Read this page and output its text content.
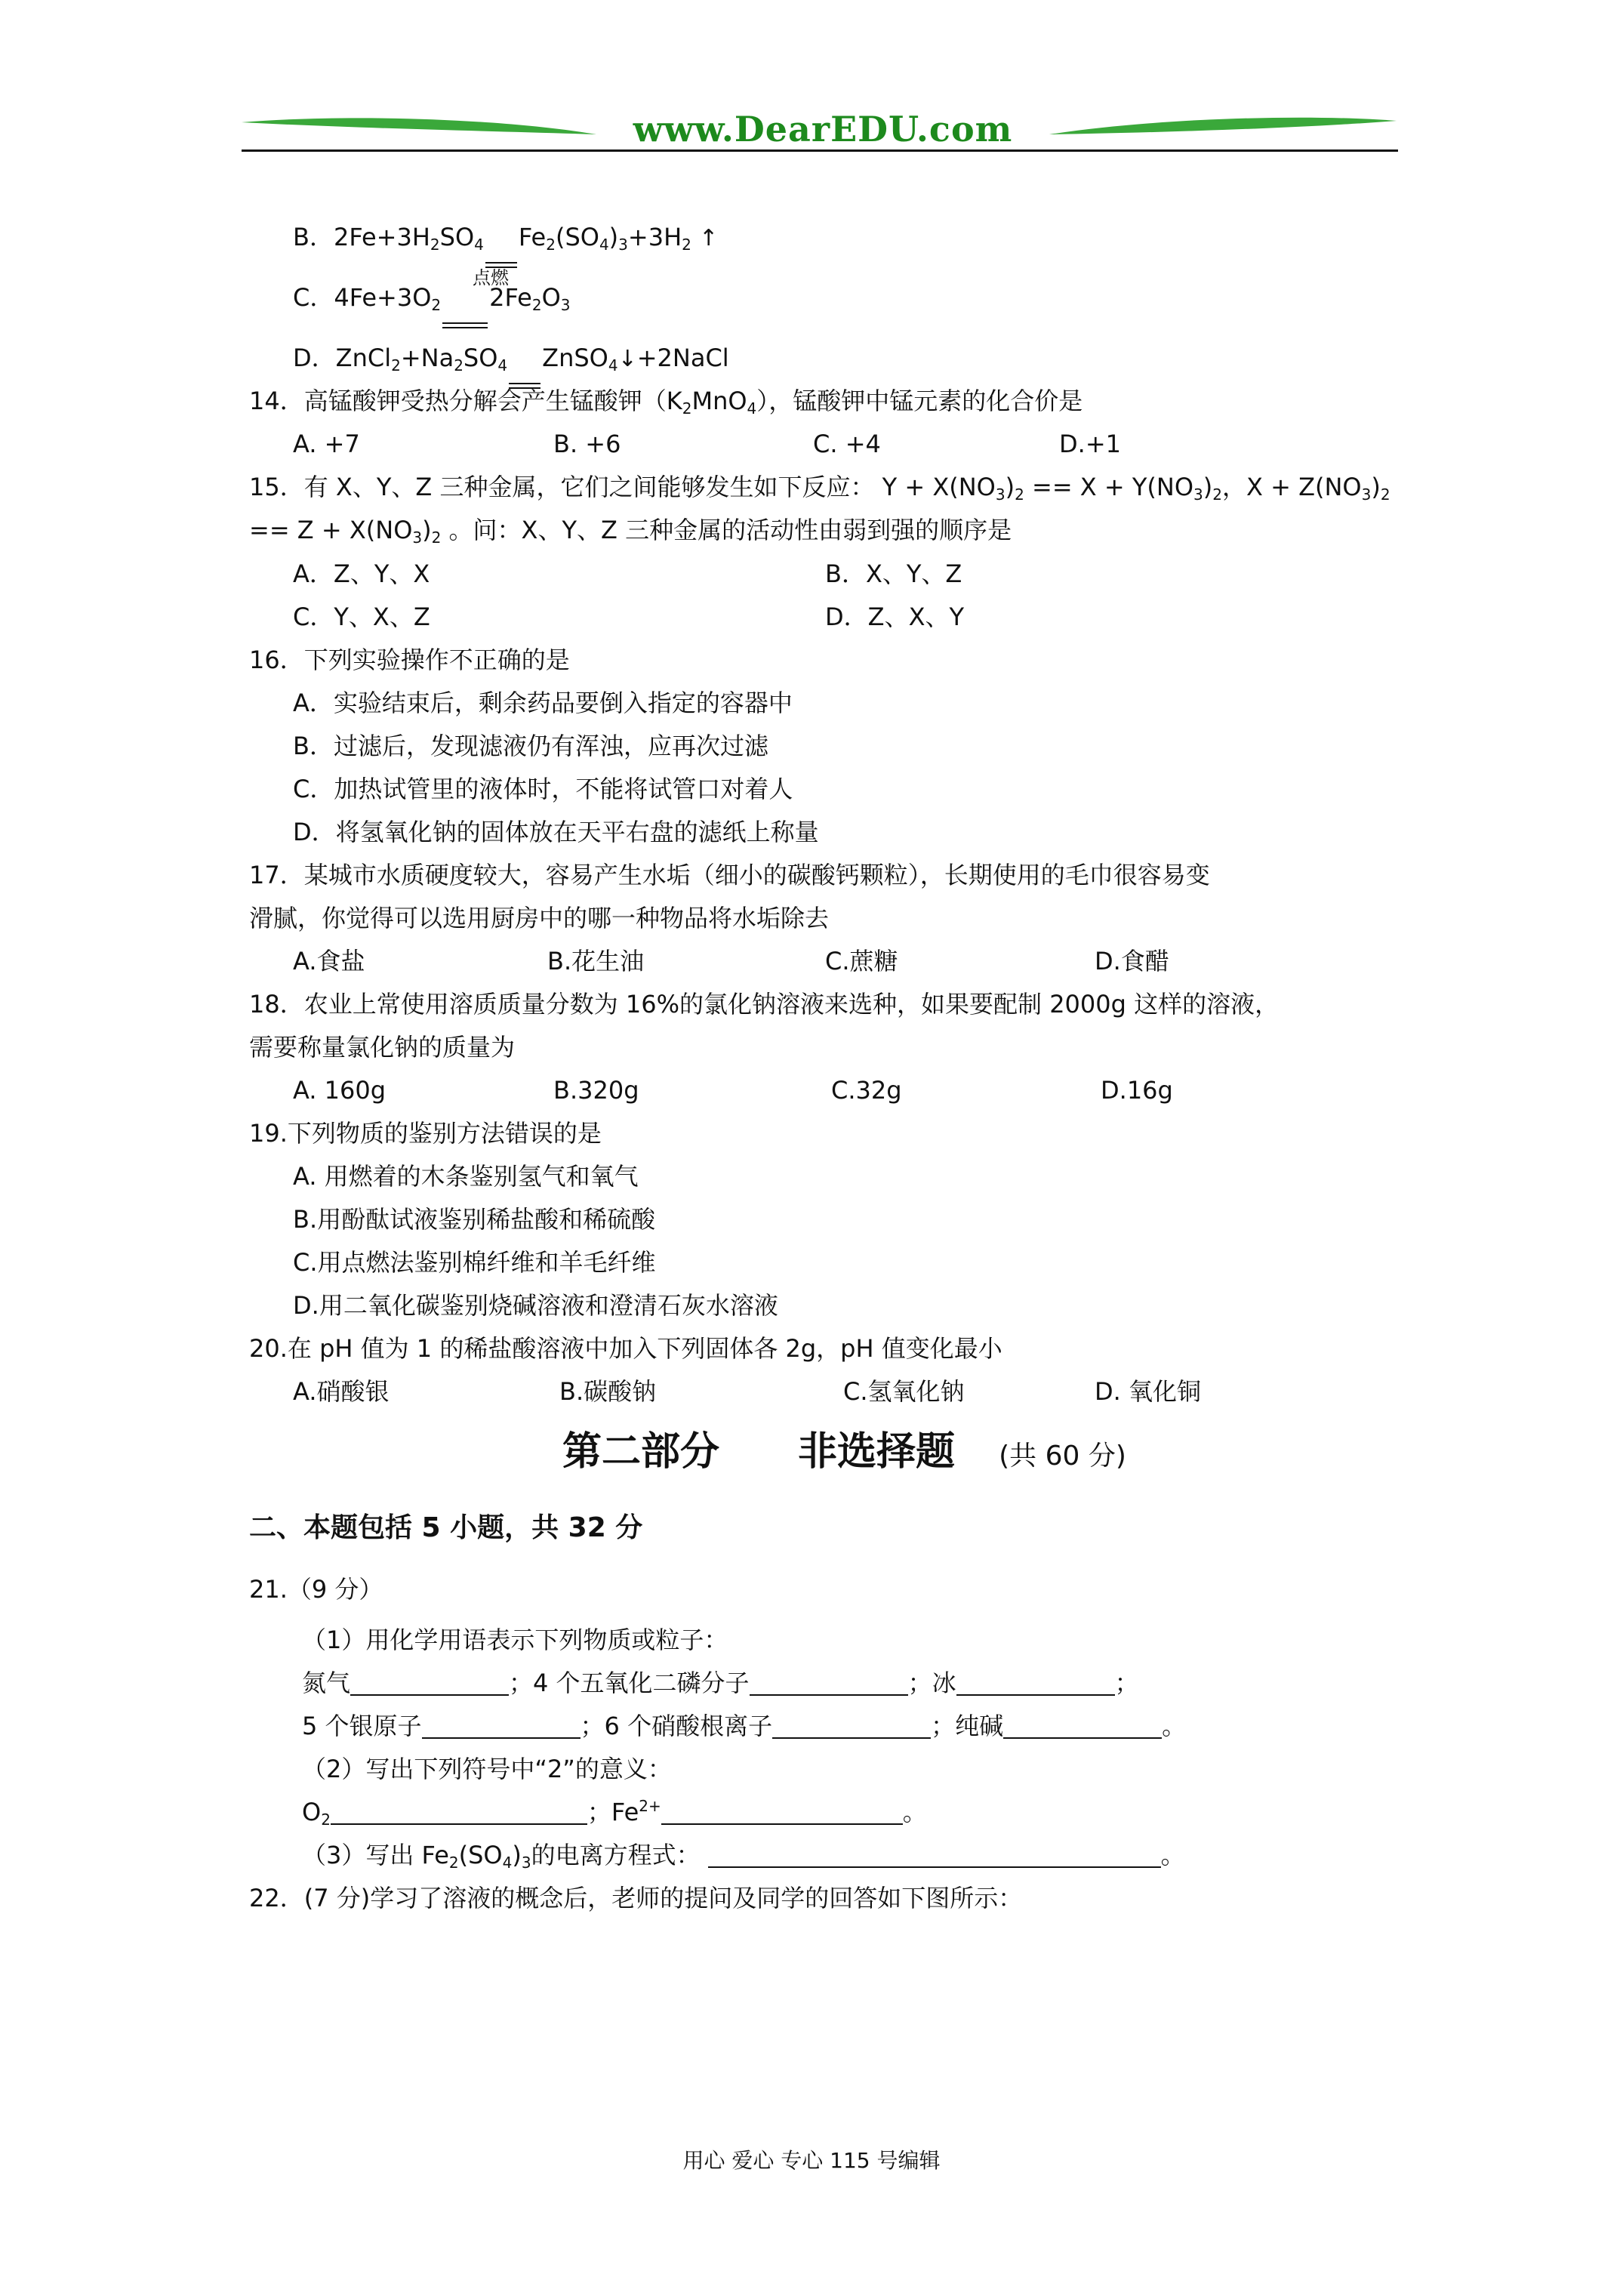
www.DearEDU.com
B．$2Fe+3H_2SO_4$ $Fe_2(SO_4)_3+3H_2$ ↑
点燃
C．$4Fe+3O_2$ $2Fe_2O_3$
D．$ZnCl_2+Na_2SO_4$ ZnSO$_4$↓+2NaCl
14．高锰酸钾受热分解会产生锰酸钾$(K_2MnO_4)$，锰酸钾中锰元素的化合价是
A. +7	B. +6	C. +4	D.+1
15．有 X、Y、Z 三种金属，它们之间能够发生如下反应： $Y + X(NO_3)_2 == X + Y(NO_3)_2$，$X + Z(NO_3)_2$
== $Z + X(NO_3)_2$ 。问：X、Y、Z 三种金属的活动性由弱到强的顺序是
A．Z、Y、X	B．X、Y、Z
C．Y、X、Z	D．Z、X、Y
16．下列实验操作不正确的是
A．实验结束后，剩余药品要倒入指定的容器中
B．过滤后，发现滤液仍有浑浊，应再次过滤
C．加热试管里的液体时，不能将试管口对着人
D．将氢氧化钠的固体放在天平右盘的滤纸上称量
17．某城市水质硬度较大，容易产生水垢（细小的碳酸钙颗粒），长期使用的毛巾很容易变
滑腻，你觉得可以选用厨房中的哪一种物品将水垢除去
A.食盐	B.花生油	C.蔗糖	D.食醋
18．农业上常使用溶质质量分数为 16%的氯化钠溶液来选种，如果要配制 2000g 这样的溶液，
需要称量氯化钠的质量为
A. 160g	B.320g	C.32g	D.16g
19.下列物质的鉴别方法错误的是
A. 用燃着的木条鉴别氢气和氧气
B.用酚酞试液鉴别稀盐酸和稀硫酸
C.用点燃法鉴别棉纤维和羊毛纤维
D.用二氧化碳鉴别烧碱溶液和澄清石灰水溶液
20.在 pH 值为 1 的稀盐酸溶液中加入下列固体各 2g，pH 值变化最小
A.硝酸银	B.碳酸钠	C.氢氧化钠	D. 氧化铜
第二部分　　非选择题 (共 60 分)
二、本题包括 5 小题，共 32 分
21.（9 分）
（1）用化学用语表示下列物质或粒子：
氮气	；4 个五氧化二磷分子	；冰	；
5 个银原子	；6 个硝酸根离子	；纯碱	。
（2）写出下列符号中“2”的意义：
$O_2$	；$Fe^{2+}$	。
（3）写出 $Fe_2(SO_4)_3$的电离方程式：	。
22．(7 分)学习了溶液的概念后，老师的提问及同学的回答如下图所示：
用心 爱心 专心 115 号编辑
